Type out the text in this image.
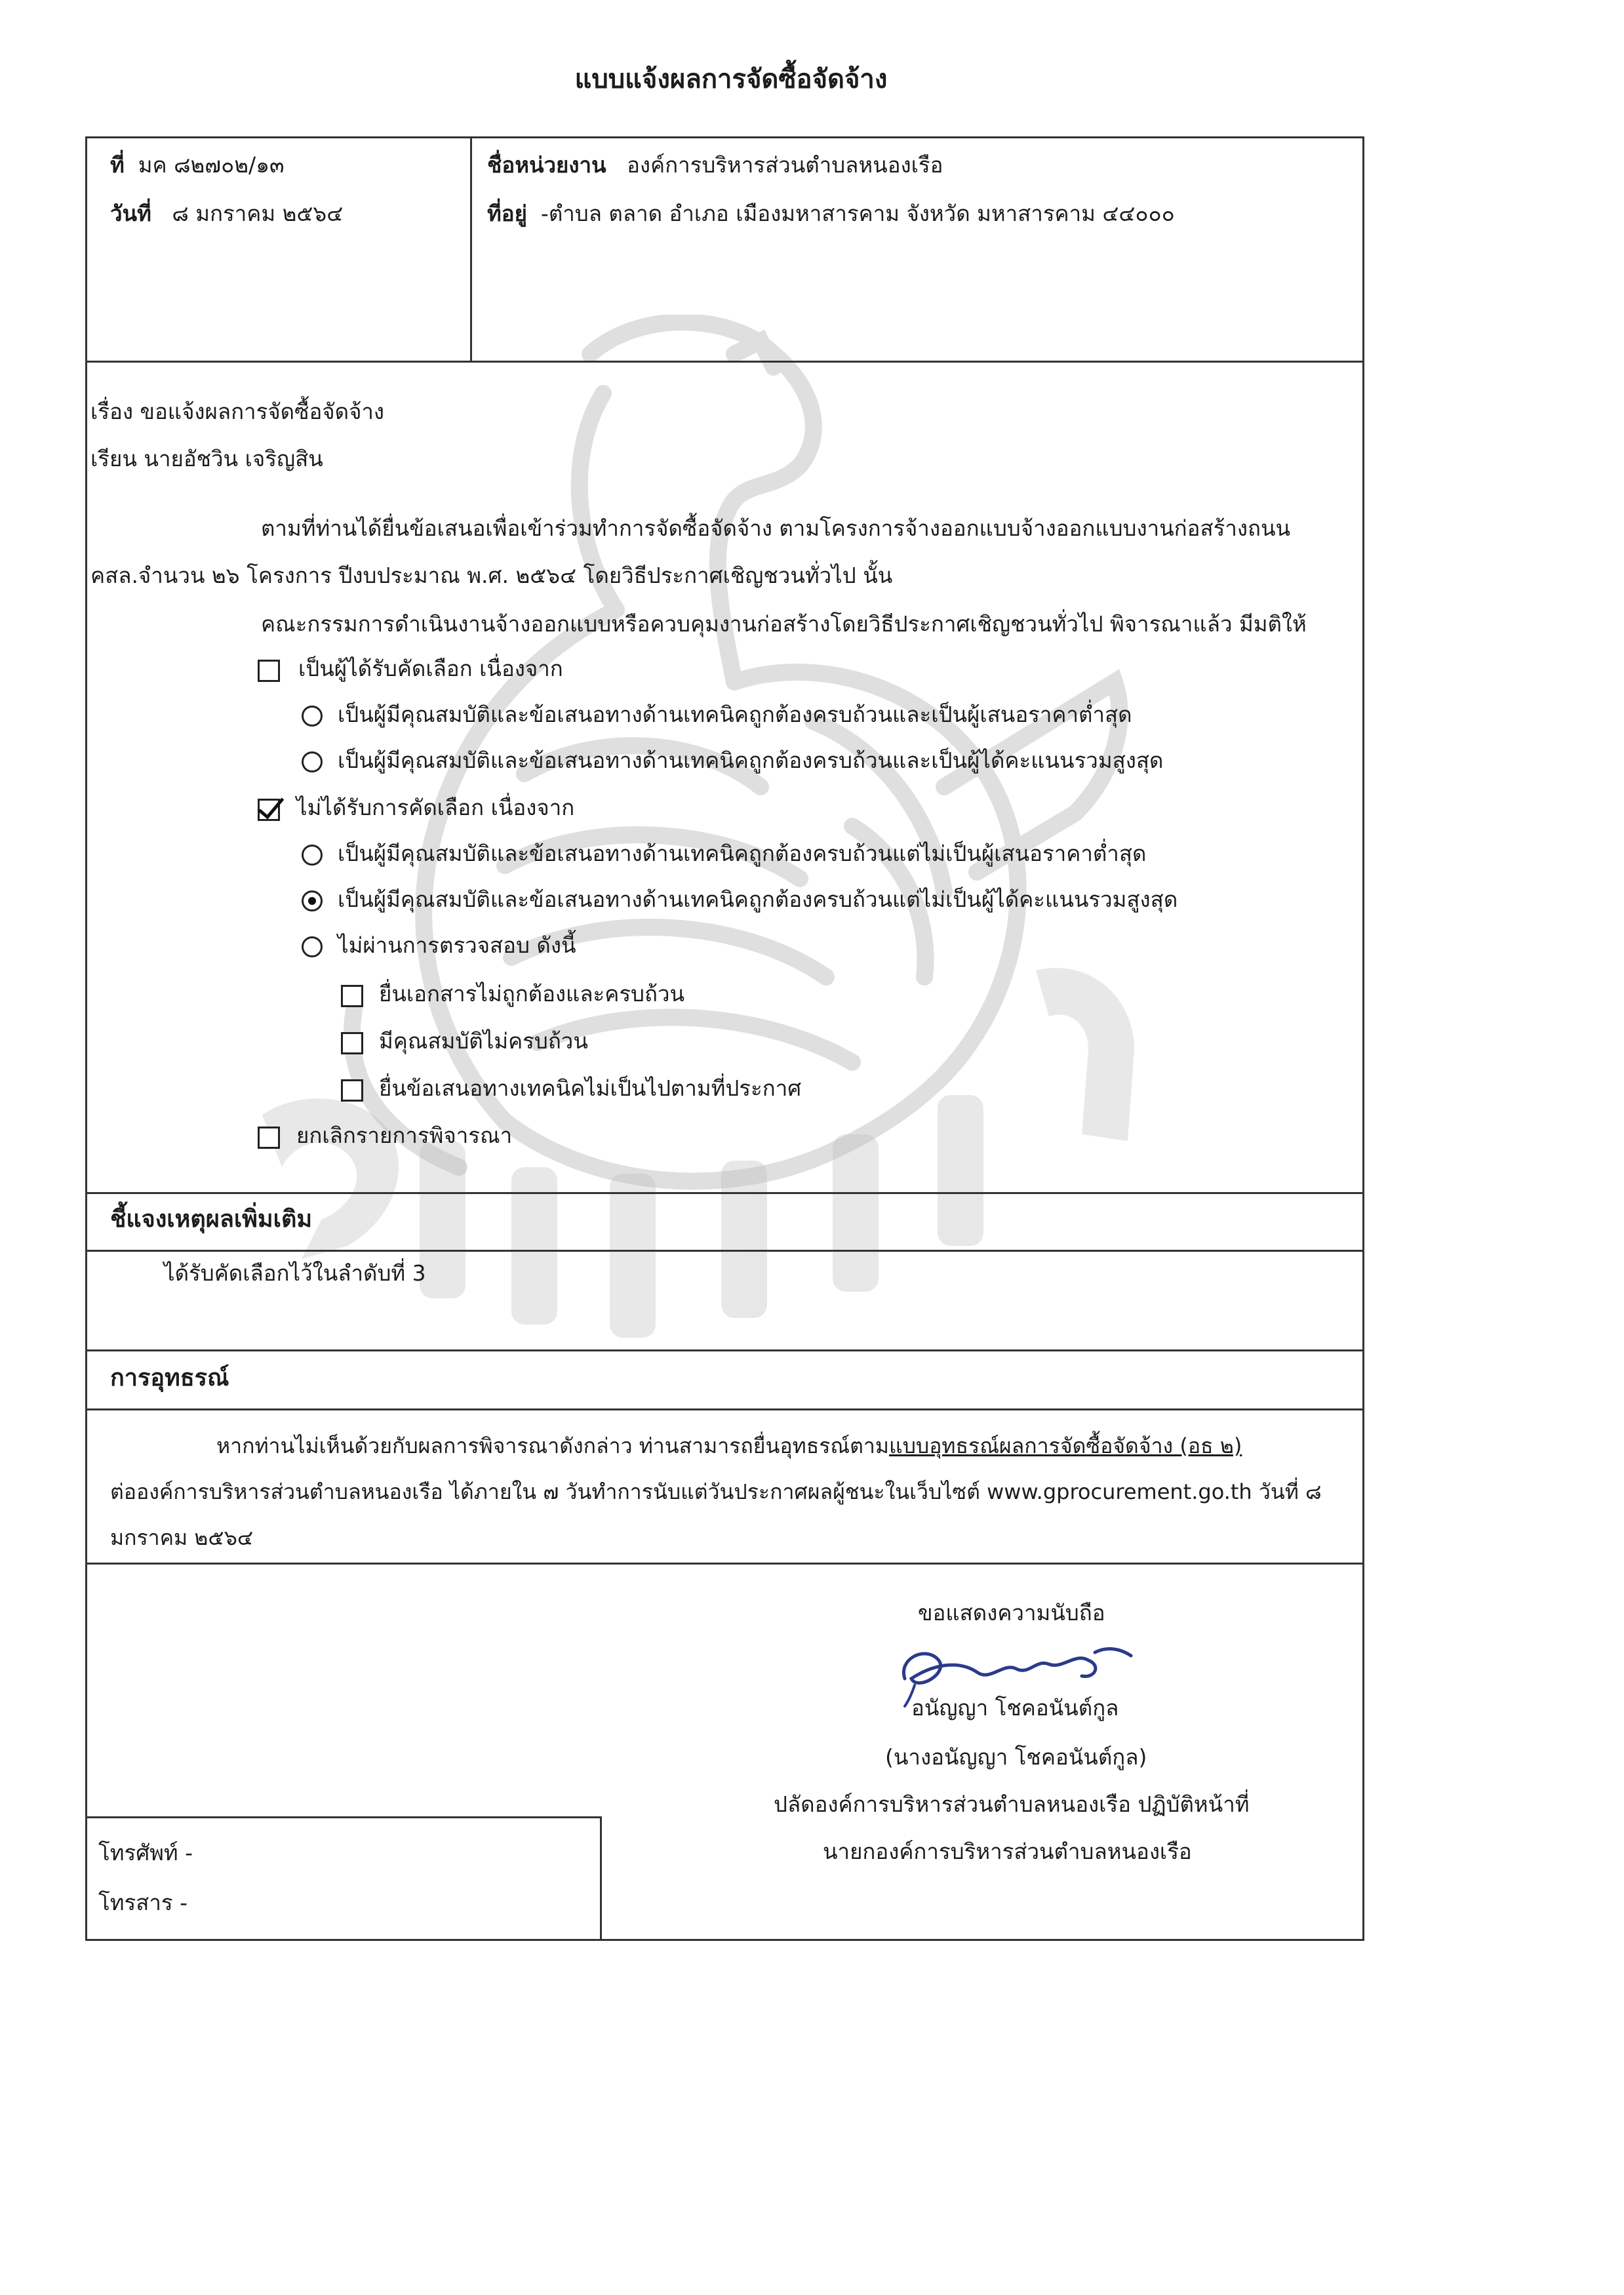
แบบแจ้งผลการจัดซื้อจัดจ้าง
ที่ มค ๘๒๗๐๒/๑๓
วันที่ ๘ มกราคม ๒๕๖๔
ชื่อหน่วยงาน องค์การบริหารส่วนตำบลหนองเรือ
ที่อยู่ -ตำบล ตลาด อำเภอ เมืองมหาสารคาม จังหวัด มหาสารคาม ๔๔๐๐๐
เรื่อง ขอแจ้งผลการจัดซื้อจัดจ้าง
เรียน นายอัชวิน เจริญสิน
ตามที่ท่านได้ยื่นข้อเสนอเพื่อเข้าร่วมทำการจัดซื้อจัดจ้าง ตามโครงการจ้างออกแบบจ้างออกแบบงานก่อสร้างถนน
คสล.จำนวน ๒๖ โครงการ ปีงบประมาณ พ.ศ. ๒๕๖๔ โดยวิธีประกาศเชิญชวนทั่วไป นั้น
คณะกรรมการดำเนินงานจ้างออกแบบหรือควบคุมงานก่อสร้างโดยวิธีประกาศเชิญชวนทั่วไป พิจารณาแล้ว มีมติให้
เป็นผู้ได้รับคัดเลือก เนื่องจาก
เป็นผู้มีคุณสมบัติและข้อเสนอทางด้านเทคนิคถูกต้องครบถ้วนและเป็นผู้เสนอราคาต่ำสุด
เป็นผู้มีคุณสมบัติและข้อเสนอทางด้านเทคนิคถูกต้องครบถ้วนและเป็นผู้ได้คะแนนรวมสูงสุด
ไม่ได้รับการคัดเลือก เนื่องจาก
เป็นผู้มีคุณสมบัติและข้อเสนอทางด้านเทคนิคถูกต้องครบถ้วนแต่ไม่เป็นผู้เสนอราคาต่ำสุด
เป็นผู้มีคุณสมบัติและข้อเสนอทางด้านเทคนิคถูกต้องครบถ้วนแต่ไม่เป็นผู้ได้คะแนนรวมสูงสุด
ไม่ผ่านการตรวจสอบ ดังนี้
ยื่นเอกสารไม่ถูกต้องและครบถ้วน
มีคุณสมบัติไม่ครบถ้วน
ยื่นข้อเสนอทางเทคนิคไม่เป็นไปตามที่ประกาศ
ยกเลิกรายการพิจารณา
ชี้แจงเหตุผลเพิ่มเติม
ได้รับคัดเลือกไว้ในลำดับที่ 3
การอุทธรณ์
หากท่านไม่เห็นด้วยกับผลการพิจารณาดังกล่าว ท่านสามารถยื่นอุทธรณ์ตามแบบอุทธรณ์ผลการจัดซื้อจัดจ้าง (อธ ๒)
ต่อองค์การบริหารส่วนตำบลหนองเรือ ได้ภายใน ๗ วันทำการนับแต่วันประกาศผลผู้ชนะในเว็บไซต์ www.gprocurement.go.th วันที่ ๘
มกราคม ๒๕๖๔
ขอแสดงความนับถือ
อนัญญา โชคอนันต์กูล
(นางอนัญญา โชคอนันต์กูล)
ปลัดองค์การบริหารส่วนตำบลหนองเรือ ปฏิบัติหน้าที่
นายกองค์การบริหารส่วนตำบลหนองเรือ
โทรศัพท์ -
โทรสาร -
